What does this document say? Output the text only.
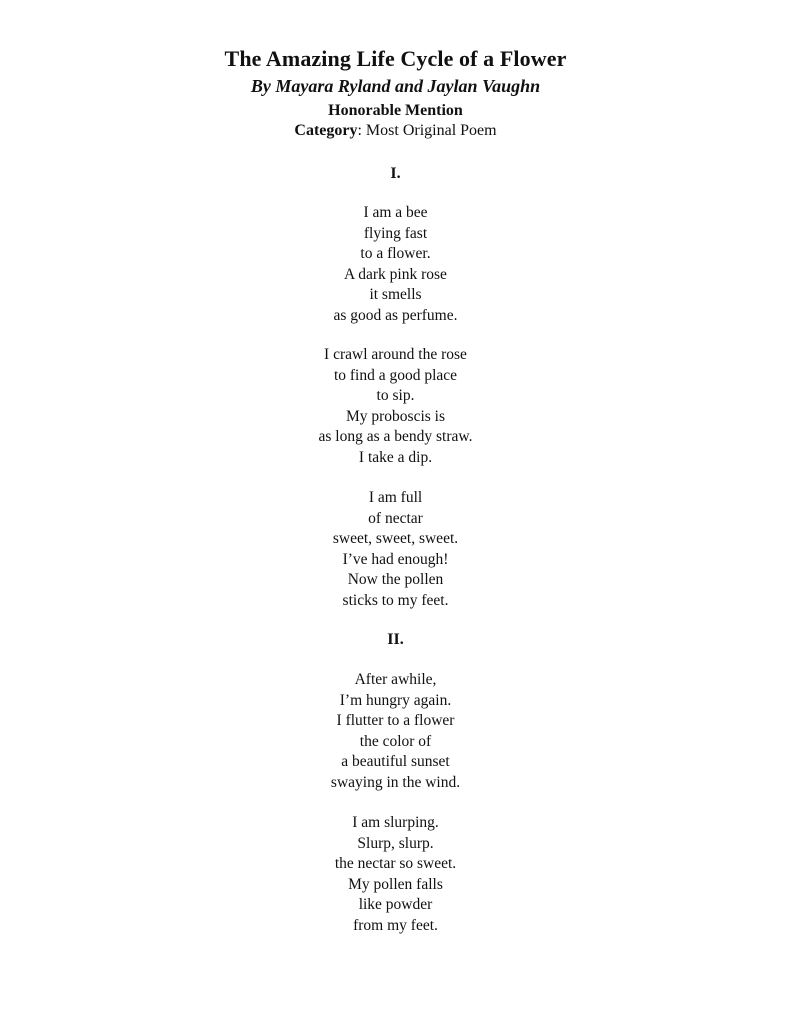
The Amazing Life Cycle of a Flower
By Mayara Ryland and Jaylan Vaughn
Honorable Mention
Category: Most Original Poem
I.
I am a bee
flying fast
to a flower.
A dark pink rose
it smells
as good as perfume.
I crawl around the rose
to find a good place
to sip.
My proboscis is
as long as a bendy straw.
I take a dip.
I am full
of nectar
sweet, sweet, sweet.
I’ve had enough!
Now the pollen
sticks to my feet.
II.
After awhile,
I’m hungry again.
I flutter to a flower
the color of
a beautiful sunset
swaying in the wind.
I am slurping.
Slurp, slurp.
the nectar so sweet.
My pollen falls
like powder
from my feet.
